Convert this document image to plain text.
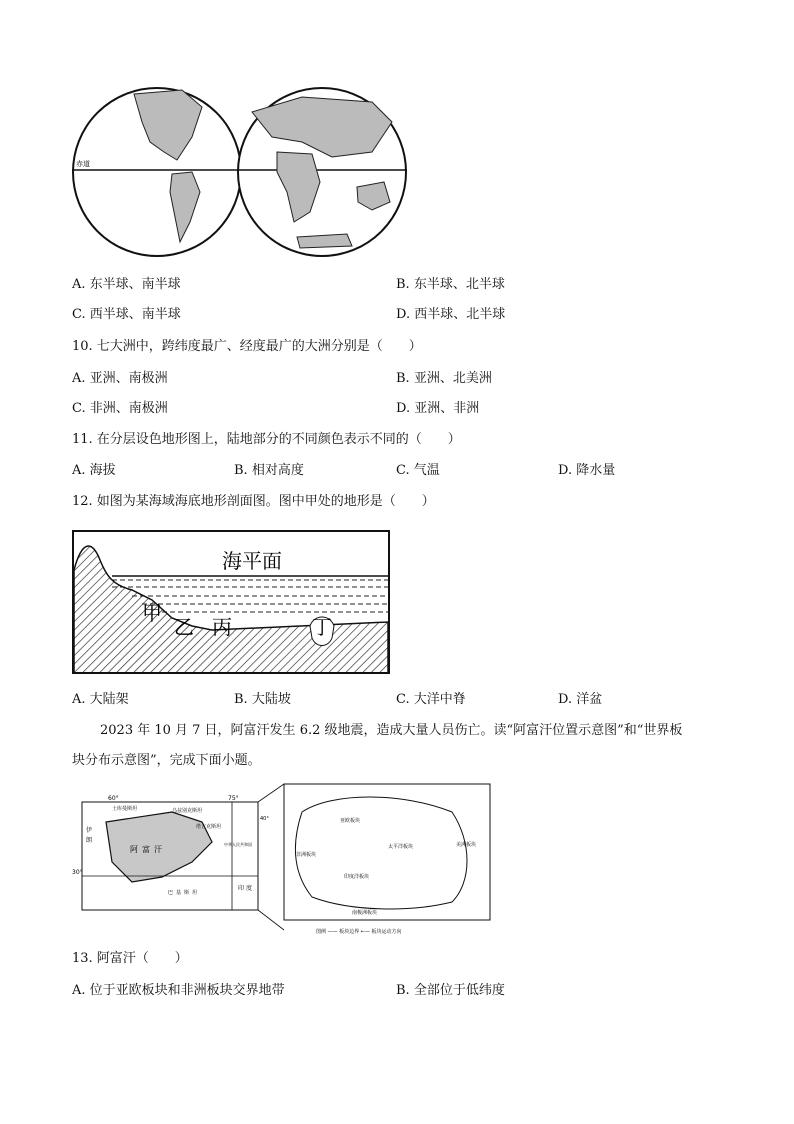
赤道
A. 东半球、南半球	B. 东半球、北半球
C. 西半球、南半球	D. 西半球、北半球
10. 七大洲中，跨纬度最广、经度最广的大洲分别是（　　）
A. 亚洲、南极洲	B. 亚洲、北美洲
C. 非洲、南极洲	D. 亚洲、非洲
11. 在分层设色地形图上，陆地部分的不同颜色表示不同的（　　）
A. 海拔	B. 相对高度	C. 气温	D. 降水量
12. 如图为某海域海底地形剖面图。图中甲处的地形是（　　）
海平面
甲
乙 丙	丁
A. 大陆架	B. 大陆坡	C. 大洋中脊	D. 洋盆
2023 年 10 月 7 日，阿富汗发生 6.2 级地震，造成大量人员伤亡。读“阿富汗位置示意图”和“世界板
块分布示意图”，完成下面小题。
60°	75°
土库曼斯坦	乌兹别克斯坦
塔吉克斯坦
40°
伊
朗
阿 富 汗
中华人民共和国
30°
巴 基 斯 坦
印 度
亚欧板块
非洲板块
太平洋板块	美洲板块
印度洋板块
南极洲板块
图例 —— 板块边界 ←— 板块运动方向
13. 阿富汗（　　）
A. 位于亚欧板块和非洲板块交界地带	B. 全部位于低纬度
